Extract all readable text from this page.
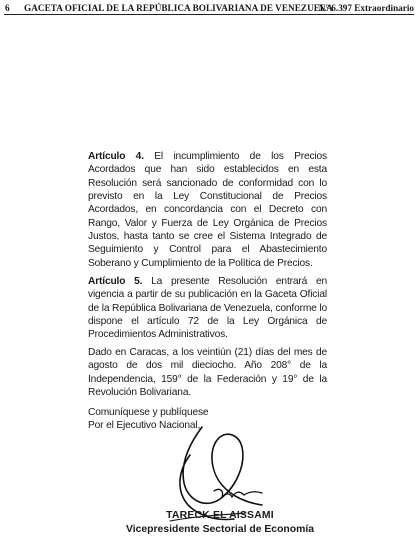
6 GACETA OFICIAL DE LA REPÚBLICA BOLIVARIANA DE VENEZUELA
N° 6.397 Extraordinario

Artículo 4. El incumplimiento de los Precios Acordados que han sido establecidos en esta Resolución será sancionado de conformidad con lo previsto en la Ley Constitucional de Precios Acordados, en concordancia con el Decreto con Rango, Valor y Fuerza de Ley Orgánica de Precios Justos, hasta tanto se cree el Sistema Integrado de Seguimiento y Control para el Abastecimiento Soberano y Cumplimiento de la Política de Precios.

Artículo 5. La presente Resolución entrará en vigencia a partir de su publicación en la Gaceta Oficial de la República Bolivariana de Venezuela, conforme lo dispone el artículo 72 de la Ley Orgánica de Procedimientos Administrativos.

Dado en Caracas, a los veintiún (21) días del mes de agosto de dos mil dieciocho. Año 208° de la Independencia, 159° de la Federación y 19° de la Revolución Bolivariana.

Comuníquese y publíquese
Por el Ejecutivo Nacional,

TARECK EL AISSAMI
Vicepresidente Sectorial de Economía
